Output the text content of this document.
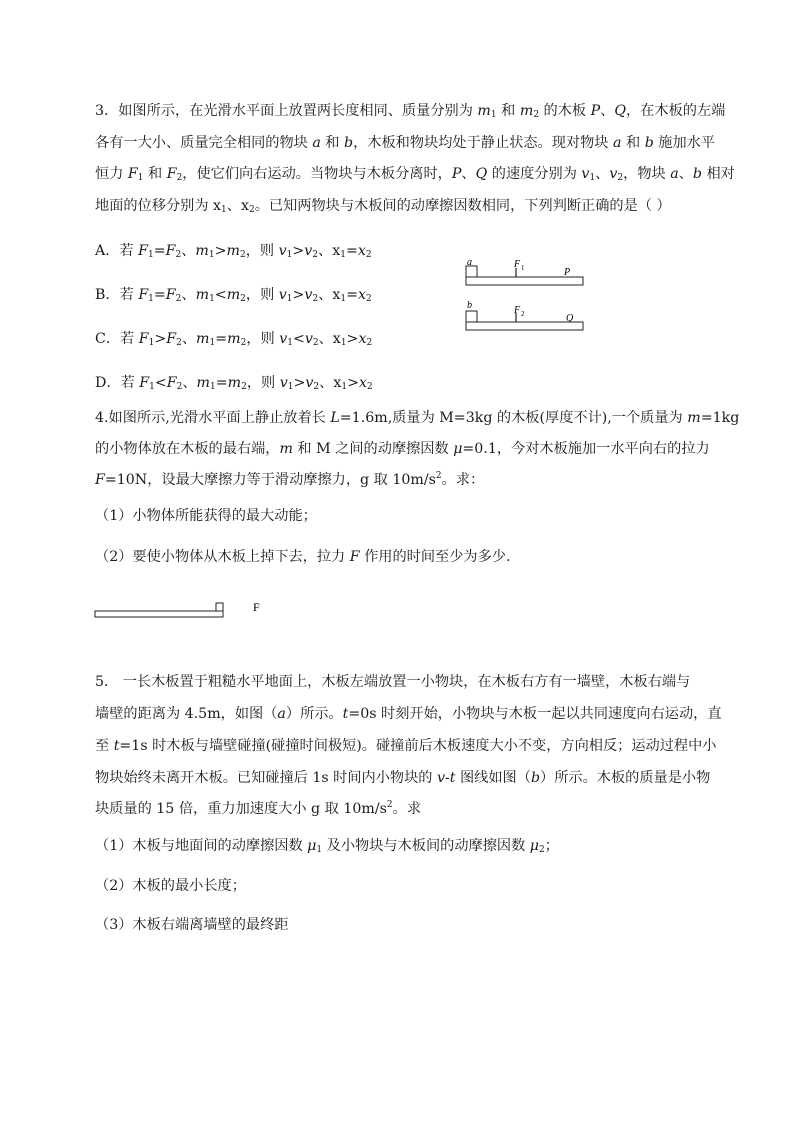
3．如图所示，在光滑水平面上放置两长度相同、质量分别为 $m_1$ 和 $m_2$ 的木板 P、Q，在木板的左端
各有一大小、质量完全相同的物块 a 和 b，木板和物块均处于静止状态。现对物块 a 和 b 施加水平
恒力 $F_1$ 和 $F_2$，使它们向右运动。当物块与木板分离时，P、Q 的速度分别为 $v_1$、$v_2$，物块 a、b 相对
地面的位移分别为 $x_1$、$x_2$。已知两物块与木板间的动摩擦因数相同，下列判断正确的是（ ）
A．若 $F_1=F_2$、$m_1>m_2$，则 $v_1>v_2$、$x_1=x_2$
B．若 $F_1=F_2$、$m_1<m_2$，则 $v_1>v_2$、$x_1=x_2$
C．若 $F_1>F_2$、$m_1=m_2$，则 $v_1<v_2$、$x_1>x_2$
D．若 $F_1<F_2$、$m_1=m_2$，则 $v_1>v_2$、$x_1>x_2$
a	F 1	P
b	F 2	Q
4.如图所示,光滑水平面上静止放着长 L=1.6m,质量为 M=3kg 的木板(厚度不计),一个质量为 m=1kg
的小物体放在木板的最右端，m 和 M 之间的动摩擦因数 μ=0.1，今对木板施加一水平向右的拉力
F=10N，设最大摩擦力等于滑动摩擦力，g 取 $10m/s^2$。求：
（1）小物体所能获得的最大动能；
（2）要使小物体从木板上掉下去，拉力 F 作用的时间至少为多少.
F
5． 一长木板置于粗糙水平地面上，木板左端放置一小物块，在木板右方有一墙壁，木板右端与
墙壁的距离为 4.5m，如图（a）所示。t=0s 时刻开始，小物块与木板一起以共同速度向右运动，直
至 t=1s 时木板与墙壁碰撞(碰撞时间极短)。碰撞前后木板速度大小不变，方向相反；运动过程中小
物块始终未离开木板。已知碰撞后 1s 时间内小物块的 v-t 图线如图（b）所示。木板的质量是小物
块质量的 15 倍，重力加速度大小 g 取 $10m/s^2$。求
（1）木板与地面间的动摩擦因数 $\mu_1$ 及小物块与木板间的动摩擦因数 $\mu_2$；
（2）木板的最小长度；
（3）木板右端离墙壁的最终距
